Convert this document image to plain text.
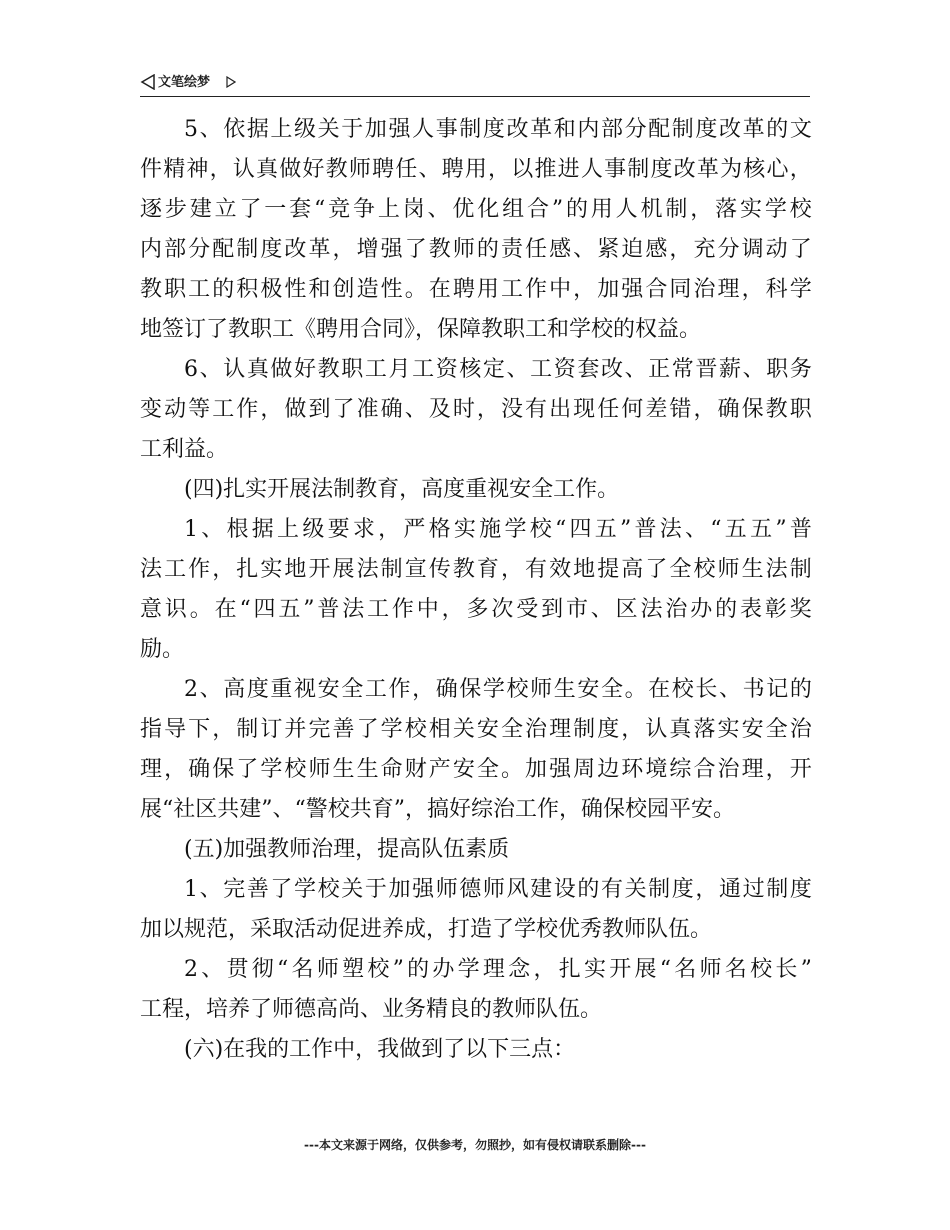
文笔绘梦
5 、 依 据 上 级 关 于 加 强 人 事 制 度 改 革 和 内 部 分 配 制 度 改 革 的 文
件 精 神 ， 认 真 做 好 教 师 聘 任 、 聘 用 ， 以 推 进 人 事 制 度 改 革 为 核 心 ，
逐 步 建 立 了 一 套 “ 竞 争 上 岗 、 优 化 组 合 ” 的 用 人 机 制 ， 落 实 学 校
内 部 分 配 制 度 改 革 ， 增 强 了 教 师 的 责 任 感 、 紧 迫 感 ， 充 分 调 动 了
教 职 工 的 积 极 性 和 创 造 性 。 在 聘 用 工 作 中 ， 加 强 合 同 治 理 ， 科 学
地签订了教职工《聘用合同》，保障教职工和学校的权益。
6 、 认 真 做 好 教 职 工 月 工 资 核 定 、 工 资 套 改 、 正 常 晋 薪 、 职 务
变 动 等 工 作 ， 做 到 了 准 确 、 及 时 ， 没 有 出 现 任 何 差 错 ， 确 保 教 职
工利益。
(四)扎实开展法制教育，高度重视安全工作。
1 、 根 据 上 级 要 求 ， 严 格 实 施 学 校 “ 四 五 ” 普 法 、 “ 五 五 ” 普
法 工 作 ， 扎 实 地 开 展 法 制 宣 传 教 育 ， 有 效 地 提 高 了 全 校 师 生 法 制
意 识 。 在 “ 四 五 ” 普 法 工 作 中 ， 多 次 受 到 市 、 区 法 治 办 的 表 彰 奖
励。
2 、 高 度 重 视 安 全 工 作 ， 确 保 学 校 师 生 安 全 。 在 校 长 、 书 记 的
指 导 下 ， 制 订 并 完 善 了 学 校 相 关 安 全 治 理 制 度 ， 认 真 落 实 安 全 治
理 ， 确 保 了 学 校 师 生 生 命 财 产 安 全 。 加 强 周 边 环 境 综 合 治 理 ， 开
展“社区共建”、“警校共育”，搞好综治工作，确保校园平安。
(五)加强教师治理，提高队伍素质
1 、 完 善 了 学 校 关 于 加 强 师 德 师 风 建 设 的 有 关 制 度 ， 通 过 制 度
加以规范，采取活动促进养成，打造了学校优秀教师队伍。
2 、 贯 彻 “ 名 师 塑 校 ” 的 办 学 理 念 ， 扎 实 开 展 “ 名 师 名 校 长 ”
工程，培养了师德高尚、业务精良的教师队伍。
(六)在我的工作中，我做到了以下三点：
---本文来源于网络，仅供参考，勿照抄，如有侵权请联系删除---
